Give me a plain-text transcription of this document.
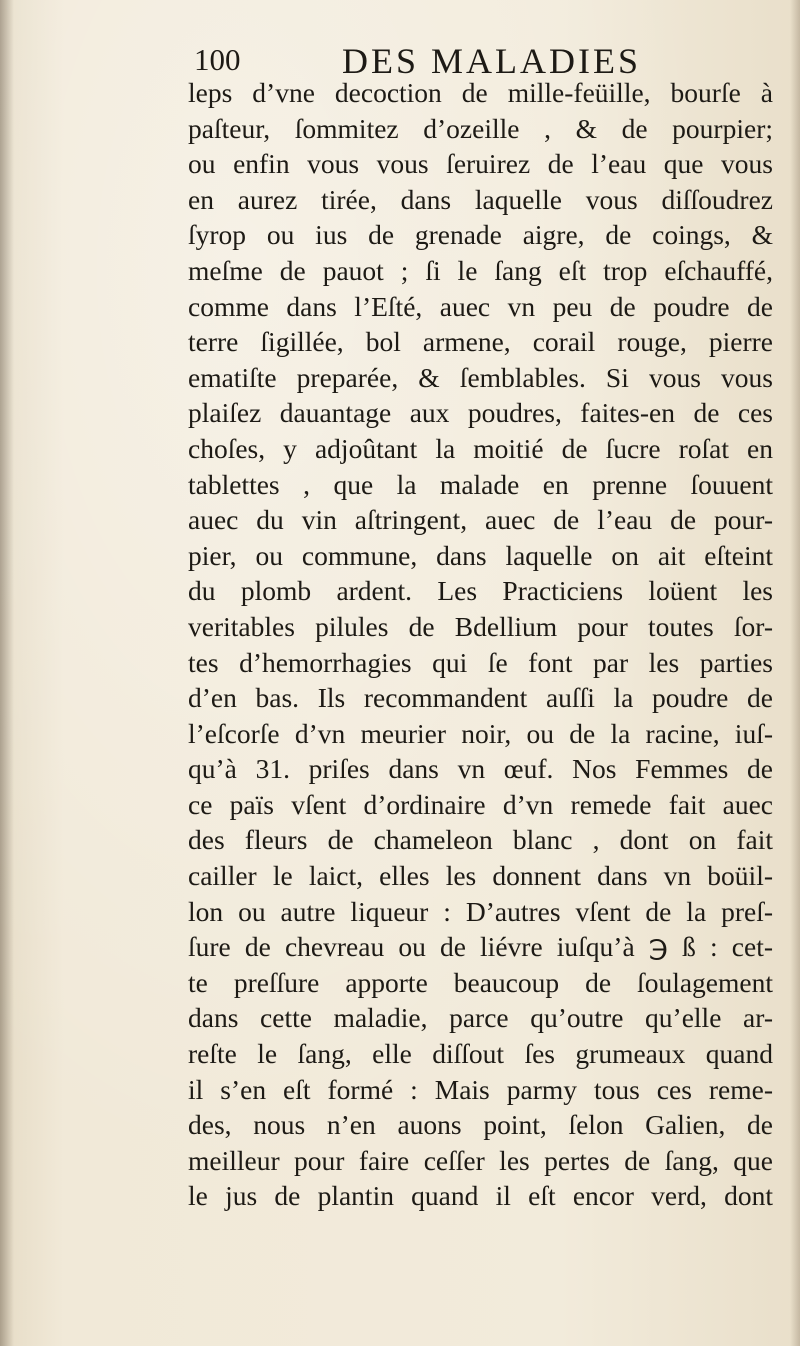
100	DES MALADIES
leps d’vne decoction de mille-feüille, bourſe à
paſteur, ſommitez d’ozeille , & de pourpier;
ou enfin vous vous ſeruirez de l’eau que vous
en aurez tirée, dans laquelle vous diſſoudrez
ſyrop ou ius de grenade aigre, de coings, &
meſme de pauot ; ſi le ſang eſt trop eſchauffé,
comme dans l’Eſté, auec vn peu de poudre de
terre ſigillée, bol armene, corail rouge, pierre
ematiſte preparée, & ſemblables. Si vous vous
plaiſez dauantage aux poudres, faites-en de ces
choſes, y adjoûtant la moitié de ſucre roſat en
tablettes , que la malade en prenne ſouuent
auec du vin aſtringent, auec de l’eau de pour-
pier, ou commune, dans laquelle on ait eſteint
du plomb ardent. Les Practiciens loüent les
veritables pilules de Bdellium pour toutes ſor-
tes d’hemorrhagies qui ſe font par les parties
d’en bas. Ils recommandent auſſi la poudre de
l’eſcorſe d’vn meurier noir, ou de la racine, iuſ-
qu’à 31. priſes dans vn œuf. Nos Femmes de
ce païs vſent d’ordinaire d’vn remede fait auec
des fleurs de chameleon blanc , dont on fait
cailler le laict, elles les donnent dans vn boüil-
lon ou autre liqueur : D’autres vſent de la preſ-
ſure de chevreau ou de liévre iuſqu’à ℈ ß : cet-
te preſſure apporte beaucoup de ſoulagement
dans cette maladie, parce qu’outre qu’elle ar-
reſte le ſang, elle diſſout ſes grumeaux quand
il s’en eſt formé : Mais parmy tous ces reme-
des, nous n’en auons point, ſelon Galien, de
meilleur pour faire ceſſer les pertes de ſang, que
le jus de plantin quand il eſt encor verd, dont
